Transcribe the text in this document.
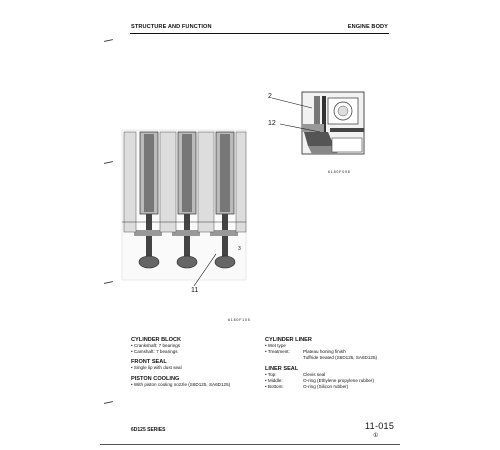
STRUCTURE AND FUNCTION	ENGINE BODY
2
12
6180F096
3
11
6180F105
CYLINDER BLOCK
• Crankshaft: 7 bearings
• Camshaft: 7 bearings
FRONT SEAL
• Single lip with dust seal
PISTON COOLING
• With piston cooling nozzle (S6D125, SA6D125)
CYLINDER LINER
• Wet type
• Treatment:	Plateau honing finish
Tuffride treated (S6D125, SA6D125)
LINER SEAL
• Top:	Clevis seal
• Middle:	O-ring (Ethylene propylene rubber)
• Bottom:	O-ring (Silicon rubber)
6D125 SERIES	11-015
①
